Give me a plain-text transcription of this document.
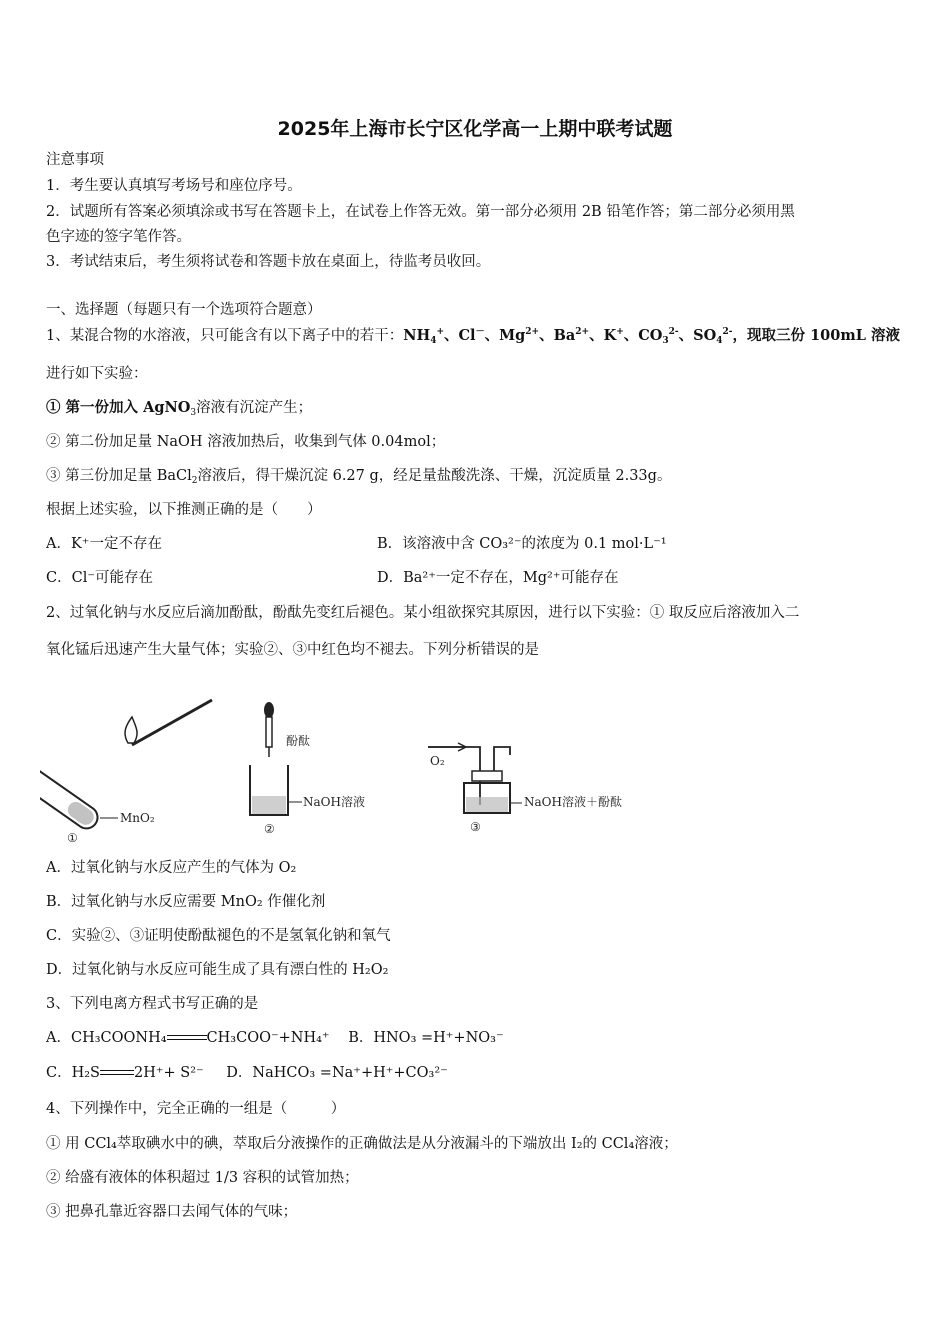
2025年上海市长宁区化学高一上期中联考试题
注意事项
1．考生要认真填写考场号和座位序号。
2．试题所有答案必须填涂或书写在答题卡上，在试卷上作答无效。第一部分必须用 2B 铅笔作答；第二部分必须用黑
色字迹的签字笔作答。
3．考试结束后，考生须将试卷和答题卡放在桌面上，待监考员收回。
一、选择题（每题只有一个选项符合题意）
1、某混合物的水溶液，只可能含有以下离子中的若干：$NH_4^+$、Cl－、$Mg^{2+}$、$Ba^{2+}$、K+、$CO_3^{2-}$、$SO_4^{2-}$，现取三份 100mL 溶液
进行如下实验：
① 第一份加入 AgNO$_3$溶液有沉淀产生；
② 第二份加足量 NaOH 溶液加热后，收集到气体 0.04mol；
③ 第三份加足量 BaCl$_2$溶液后，得干燥沉淀 6.27 g，经足量盐酸洗涤、干燥，沉淀质量 2.33g。
根据上述实验，以下推测正确的是（　　）
A．K⁺一定不存在	B．该溶液中含 CO₃²⁻的浓度为 0.1 mol·L⁻¹
C．Cl⁻可能存在	D．Ba²⁺一定不存在，Mg²⁺可能存在
2、过氧化钠与水反应后滴加酚酞，酚酞先变红后褪色。某小组欲探究其原因，进行以下实验：① 取反应后溶液加入二
氧化锰后迅速产生大量气体；实验②、③中红色均不褪去。下列分析错误的是
MnO₂
①
酚酞
NaOH溶液
②
O₂
NaOH溶液＋酚酞
③
A．过氧化钠与水反应产生的气体为 O₂
B．过氧化钠与水反应需要 MnO₂ 作催化剂
C．实验②、③证明使酚酞褪色的不是氢氧化钠和氧气
D．过氧化钠与水反应可能生成了具有漂白性的 H₂O₂
3、下列电离方程式书写正确的是
A．CH₃COONH₄	CH₃COO⁻+NH₄⁺ B．HNO₃ =H⁺+NO₃⁻
C．H₂S 2H⁺+ S²⁻ D．NaHCO₃ =Na⁺+H⁺+CO₃²⁻
4、下列操作中，完全正确的一组是（　　　）
① 用 CCl₄萃取碘水中的碘，萃取后分液操作的正确做法是从分液漏斗的下端放出 I₂的 CCl₄溶液；
② 给盛有液体的体积超过 1/3 容积的试管加热；
③ 把鼻孔靠近容器口去闻气体的气味；
